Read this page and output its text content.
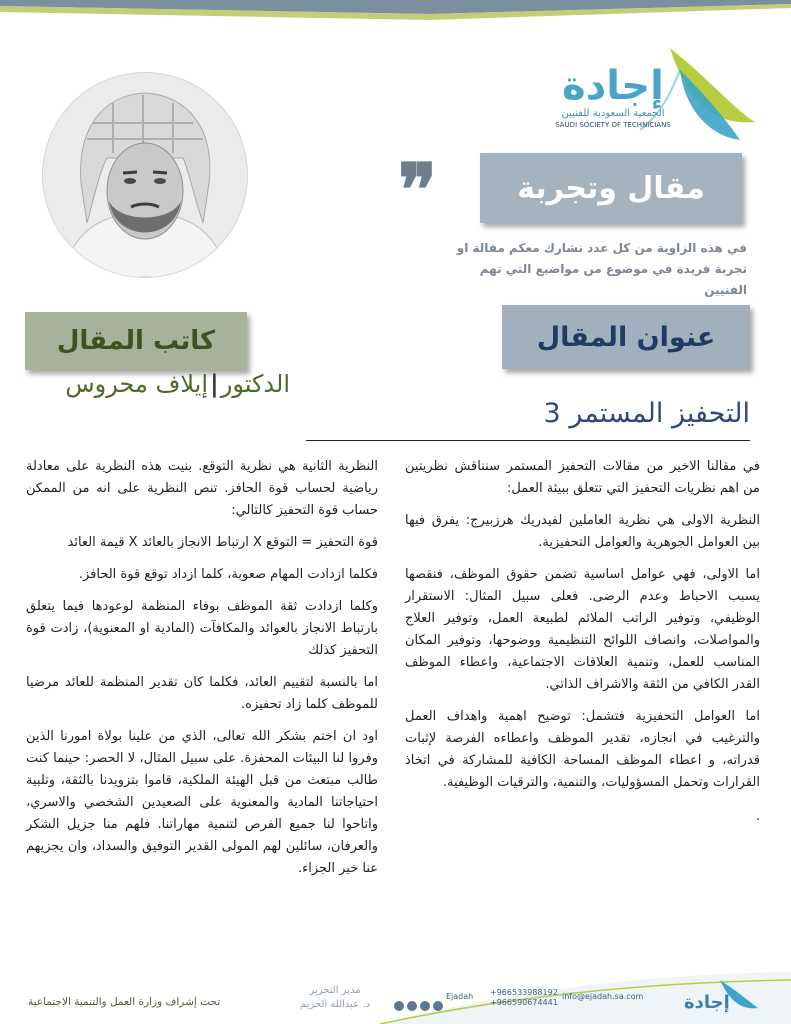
إجادة
الجمعية السعودية للفنيين
SAUDI SOCIETY OF TECHNICIANS
❞	مقال وتجربة
في هذه الزاوية من كل عدد نشارك معكم مقالة او
تجربة فريدة في موضوع من مواضيع التي تهم الفنيين
عنوان المقال
كاتب المقال
الدكتور|إيلاف محروس
التحفيز المستمر 3

في مقالنا الاخير من مقالات التحفيز المستمر سنناقش نظريتين من اهم نظريات التحفيز التي تتعلق ببيئة العمل:

النظرية الاولى هي نظرية العاملين لفيدريك هرزبيرج: يفرق فيها بين العوامل الجوهرية والعوامل التحفيزية.

اما الاولى، فهي عوامل اساسية تضمن حقوق الموظف، فنقصها يسبب الاحباط وعدم الرضى. فعلى سبيل المثال: الاستقرار الوظيفي، وتوفير الراتب الملائم لطبيعة العمل، وتوفير العلاج والمواصلات، وانصاف اللوائح التنظيمية ووضوحها، وتوفير المكان المناسب للعمل، وتنمية العلاقات الاجتماعية، واعطاء الموظف القدر الكافي من الثقة والاشراف الذاتي.

اما العوامل التحفيزية فتشمل: توضيح اهمية واهداف العمل والترغيب في انجازه، تقدير الموظف واعطاءه الفرصة لإثبات قدراته، و اعطاء الموظف المساحة الكافية للمشاركة في اتخاذ القرارات وتحمل المسؤوليات، والتنمية، والترقيات الوظيفية.

.

النظرية الثانية هي نظرية التوقع. بنيت هذه النظرية على معادلة رياضية لحساب قوة الحافز. تنص النظرية على انه من الممكن حساب قوة التحفيز كالتالي:

قوة التحفيز = التوقع X ارتباط الانجاز بالعائد X قيمة العائد

فكلما ازدادت المهام صعوبة، كلما ازداد توقع قوة الحافز.

وكلما ازدادت ثقة الموظف بوفاء المنظمة لوعودها فيما يتعلق بارتباط الانجاز بالعوائد والمكافآت (المادية او المعنوية)، زادت قوة التحفيز كذلك

اما بالنسبة لتقييم العائد، فكلما كان تقدير المنظمة للعائد مرضيا للموظف كلما زاد تحفيزه.

اود ان اختم بشكر الله تعالى، الذي من علينا بولاة امورنا الذين وفروا لنا البيئات المحفزة. على سبيل المثال، لا الحصر: حينما كنت طالب مبتعث من قبل الهيئة الملكية، قاموا بتزويدنا بالثقة، وتلبية احتياجاتنا المادية والمعنوية على الصعيدين الشخصي والاسري، واتاحوا لنا جميع الفرص لتنمية مهاراتنا. فلهم منا جزيل الشكر والعرفان، سائلين لهم المولى القدير التوفيق والسداد، وان يجزيهم عنا خير الجزاء.

إجادة
info@ejadah.sa.com
+966533988192
+966590674441
Ejadah
مدير التحرير
د. عبدالله الحزيم
تحت إشراف وزارة العمل والتنمية الاجتماعية
